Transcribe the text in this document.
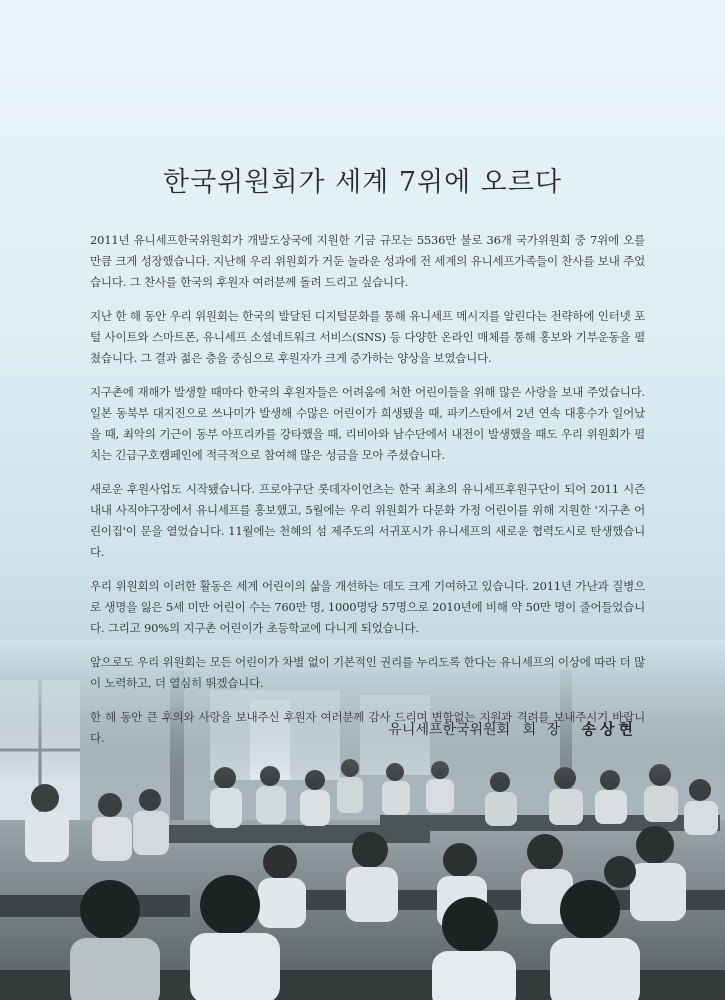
한국위원회가 세계 7위에 오르다

2011년 유니세프한국위원회가 개발도상국에 지원한 기금 규모는 5536만 불로 36개 국가위원회 중 7위에 오를 만큼 크게 성장했습니다. 지난해 우리 위원회가 거둔 놀라운 성과에 전 세계의 유니세프가족들이 찬사를 보내 주었습니다. 그 찬사를 한국의 후원자 여러분께 돌려 드리고 싶습니다.

지난 한 해 동안 우리 위원회는 한국의 발달된 디지털문화를 통해 유니세프 메시지를 알린다는 전략하에 인터넷 포털 사이트와 스마트폰, 유니세프 소셜네트워크 서비스(SNS) 등 다양한 온라인 매체를 통해 홍보와 기부운동을 펼쳤습니다. 그 결과 젊은 층을 중심으로 후원자가 크게 증가하는 양상을 보였습니다.

지구촌에 재해가 발생할 때마다 한국의 후원자들은 어려움에 처한 어린이들을 위해 많은 사랑을 보내 주었습니다. 일본 동북부 대지진으로 쓰나미가 발생해 수많은 어린이가 희생됐을 때, 파키스탄에서 2년 연속 대홍수가 일어났을 때, 최악의 기근이 동부 아프리카를 강타했을 때, 리비아와 남수단에서 내전이 발생했을 때도 우리 위원회가 펼치는 긴급구호캠페인에 적극적으로 참여해 많은 성금을 모아 주셨습니다.

새로운 후원사업도 시작됐습니다. 프로야구단 롯데자이언츠는 한국 최초의 유니세프후원구단이 되어 2011 시즌 내내 사직야구장에서 유니세프를 홍보했고, 5월에는 우리 위원회가 다문화 가정 어린이를 위해 지원한 '지구촌 어린이집'이 문을 열었습니다. 11월에는 천혜의 섬 제주도의 서귀포시가 유니세프의 새로운 협력도시로 탄생했습니다.

우리 위원회의 이러한 활동은 세계 어린이의 삶을 개선하는 데도 크게 기여하고 있습니다. 2011년 가난과 질병으로 생명을 잃은 5세 미만 어린이 수는 760만 명, 1000명당 57명으로 2010년에 비해 약 50만 명이 줄어들었습니다. 그리고 90%의 지구촌 어린이가 초등학교에 다니게 되었습니다.

앞으로도 우리 위원회는 모든 어린이가 차별 없이 기본적인 권리를 누리도록 한다는 유니세프의 이상에 따라 더 많이 노력하고, 더 열심히 뛰겠습니다.

한 해 동안 큰 후의와 사랑을 보내주신 후원자 여러분께 감사 드리며 변함없는 지원과 격려를 보내주시기 바랍니다.	유니세프한국위원회 회 장 송상현
